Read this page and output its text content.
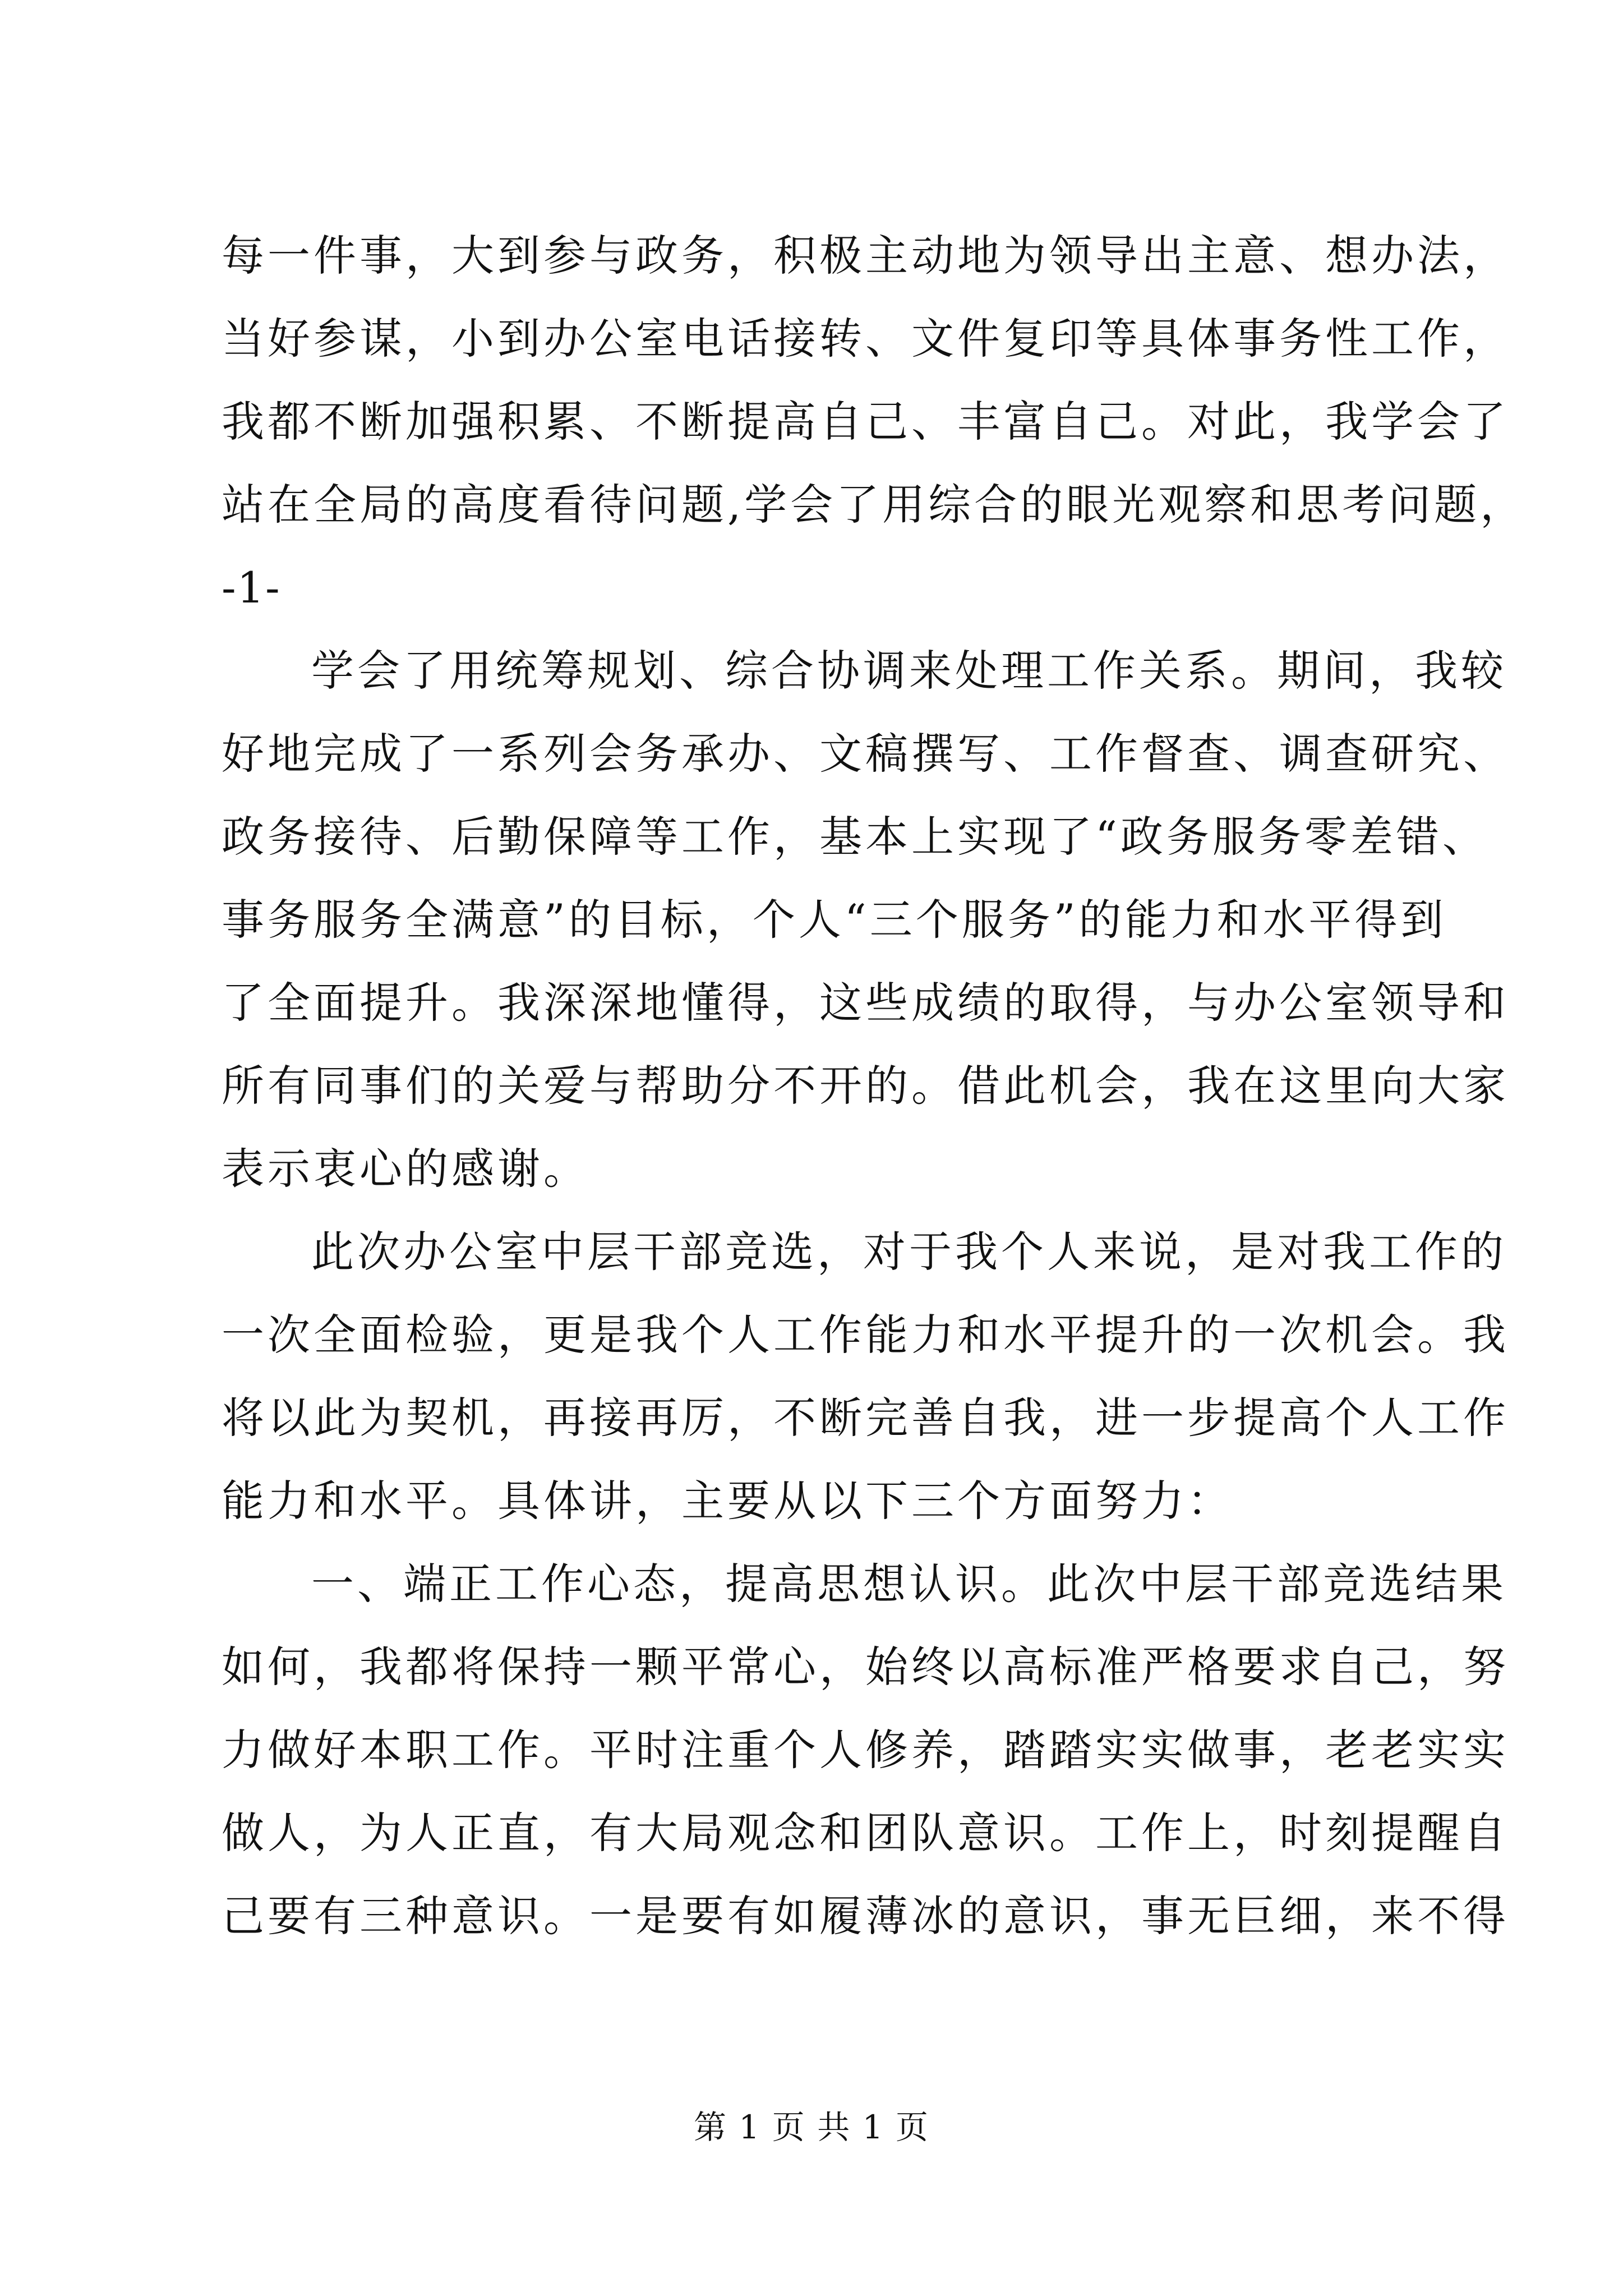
每一件事，大到参与政务，积极主动地为领导出主意、想办法，
当好参谋，小到办公室电话接转、文件复印等具体事务性工作，
我都不断加强积累、不断提高自己、丰富自己。对此，我学会了
站在全局的高度看待问题,学会了用综合的眼光观察和思考问题，
-1-
学会了用统筹规划、综合协调来处理工作关系。期间，我较
好地完成了一系列会务承办、文稿撰写、工作督查、调查研究、
政务接待、后勤保障等工作，基本上实现了“政务服务零差错、
事务服务全满意”的目标，个人“三个服务”的能力和水平得到
了全面提升。我深深地懂得，这些成绩的取得，与办公室领导和
所有同事们的关爱与帮助分不开的。借此机会，我在这里向大家
表示衷心的感谢。
此次办公室中层干部竞选，对于我个人来说，是对我工作的
一次全面检验，更是我个人工作能力和水平提升的一次机会。我
将以此为契机，再接再厉，不断完善自我，进一步提高个人工作
能力和水平。具体讲，主要从以下三个方面努力：
一、端正工作心态，提高思想认识。此次中层干部竞选结果
如何，我都将保持一颗平常心，始终以高标准严格要求自己，努
力做好本职工作。平时注重个人修养，踏踏实实做事，老老实实
做人，为人正直，有大局观念和团队意识。工作上，时刻提醒自
己要有三种意识。一是要有如履薄冰的意识，事无巨细，来不得
第 1 页 共 1 页
